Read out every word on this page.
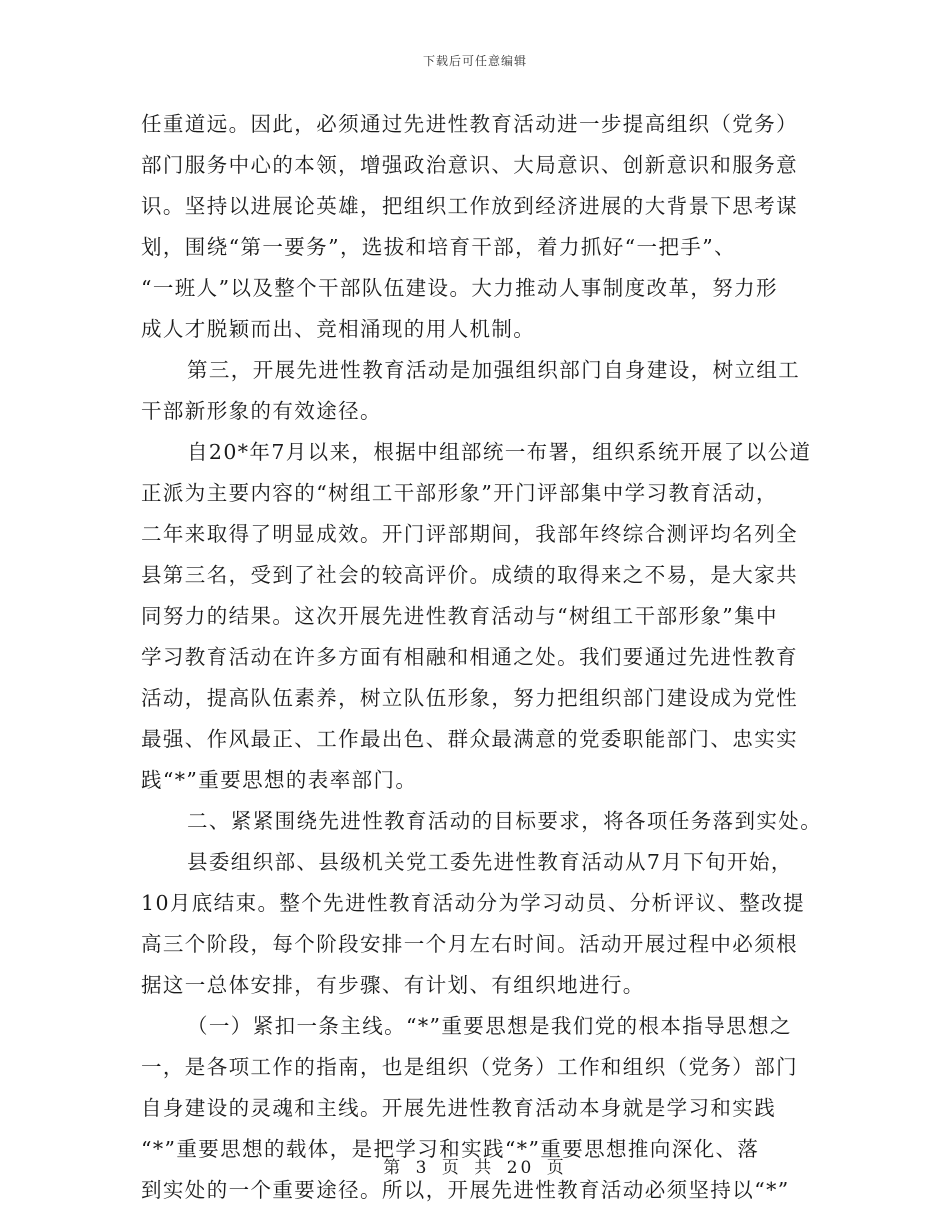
下载后可任意编辑
任重道远。因此，必须通过先进性教育活动进一步提高组织（党务）
部门服务中心的本领，增强政治意识、大局意识、创新意识和服务意
识。坚持以进展论英雄，把组织工作放到经济进展的大背景下思考谋
划，围绕“第一要务”，选拔和培育干部，着力抓好“一把手”、
“一班人”以及整个干部队伍建设。大力推动人事制度改革，努力形
成人才脱颖而出、竞相涌现的用人机制。
第三，开展先进性教育活动是加强组织部门自身建设，树立组工
干部新形象的有效途径。
自20*年7月以来，根据中组部统一布署，组织系统开展了以公道
正派为主要内容的“树组工干部形象”开门评部集中学习教育活动，
二年来取得了明显成效。开门评部期间，我部年终综合测评均名列全
县第三名，受到了社会的较高评价。成绩的取得来之不易，是大家共
同努力的结果。这次开展先进性教育活动与“树组工干部形象”集中
学习教育活动在许多方面有相融和相通之处。我们要通过先进性教育
活动，提高队伍素养，树立队伍形象，努力把组织部门建设成为党性
最强、作风最正、工作最出色、群众最满意的党委职能部门、忠实实
践“*”重要思想的表率部门。
二、紧紧围绕先进性教育活动的目标要求，将各项任务落到实处。
县委组织部、县级机关党工委先进性教育活动从7月下旬开始，
10月底结束。整个先进性教育活动分为学习动员、分析评议、整改提
高三个阶段，每个阶段安排一个月左右时间。活动开展过程中必须根
据这一总体安排，有步骤、有计划、有组织地进行。
（一）紧扣一条主线。“*”重要思想是我们党的根本指导思想之
一，是各项工作的指南，也是组织（党务）工作和组织（党务）部门
自身建设的灵魂和主线。开展先进性教育活动本身就是学习和实践
“*”重要思想的载体，是把学习和实践“*”重要思想推向深化、落
到实处的一个重要途径。所以，开展先进性教育活动必须坚持以“*”
第 3 页 共 20 页
